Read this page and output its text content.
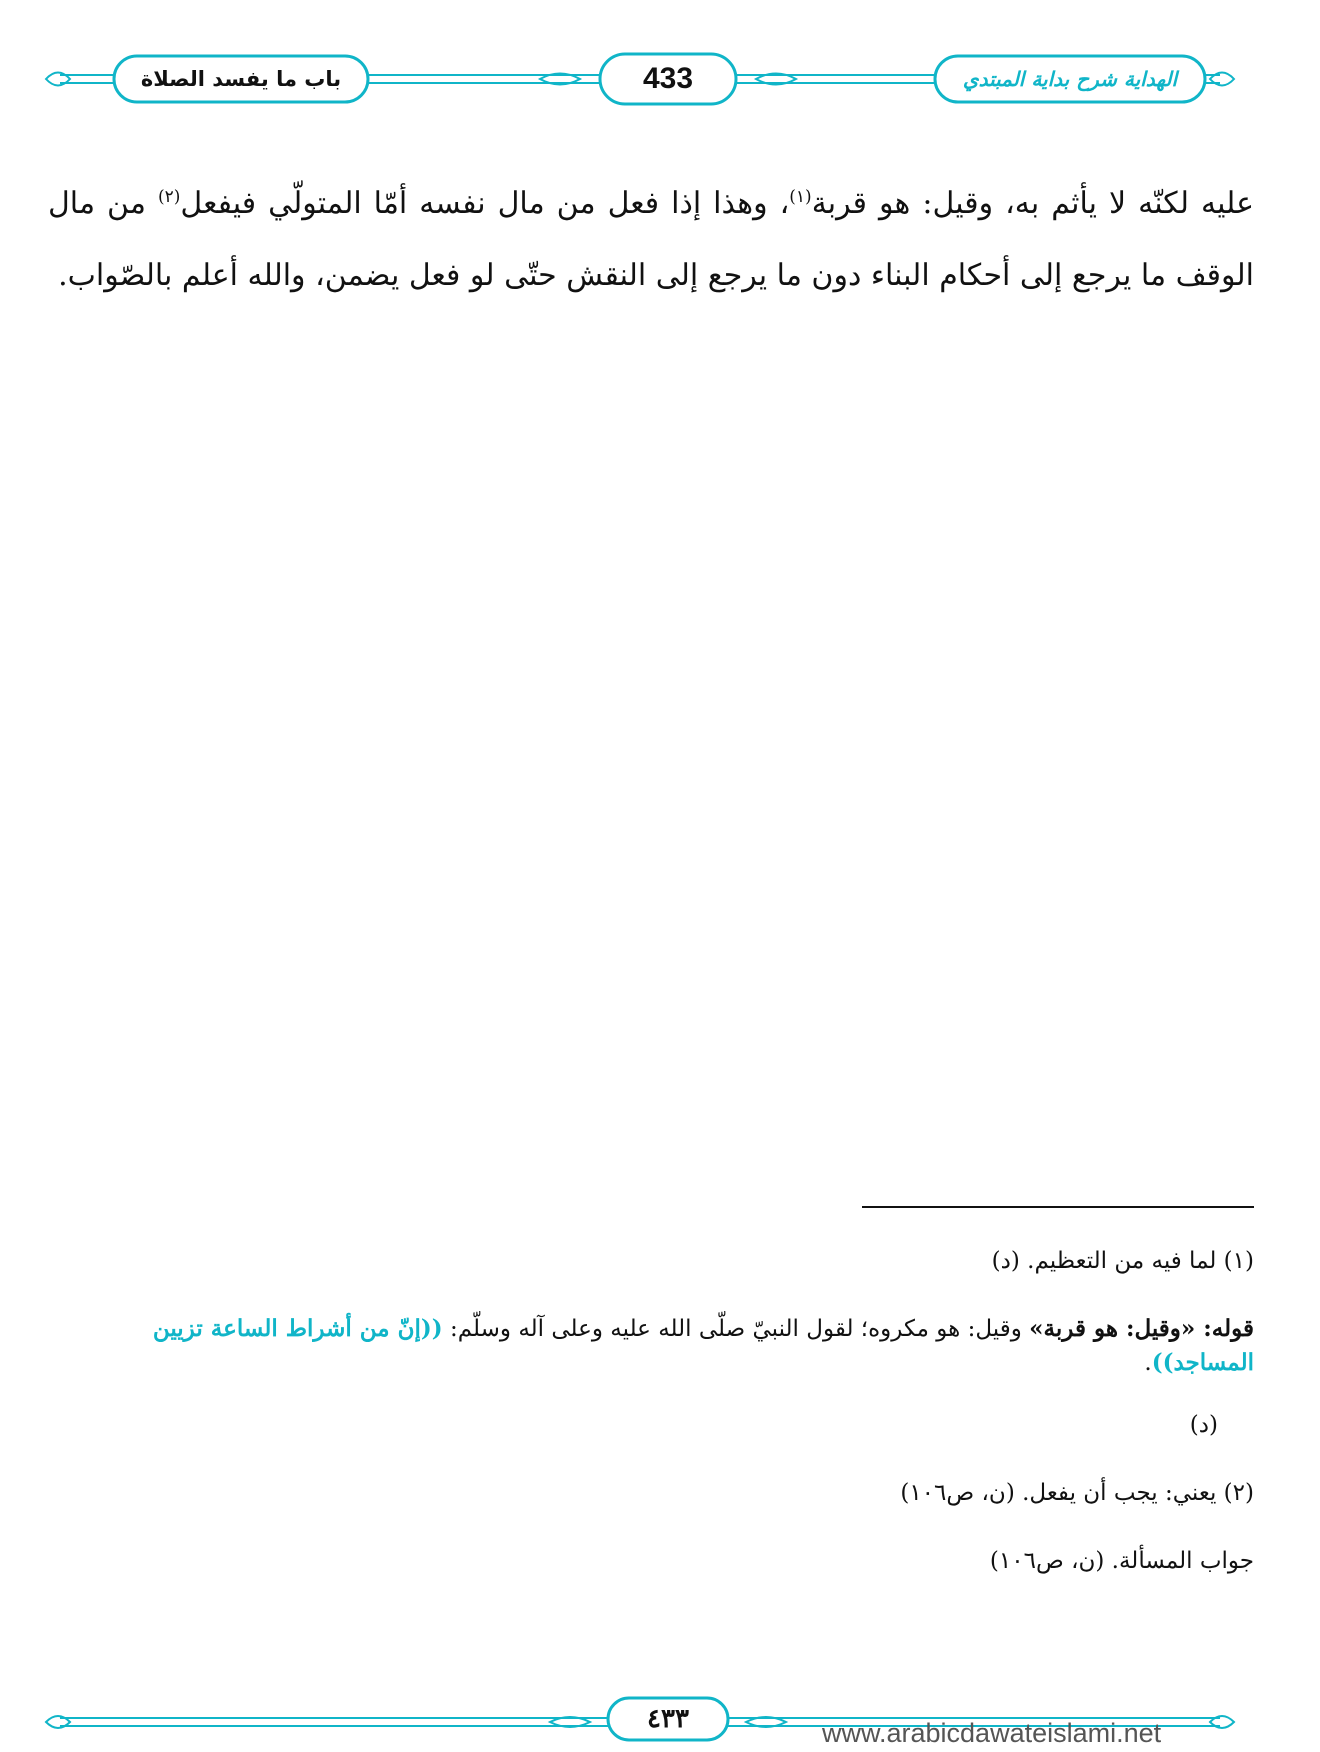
باب ما يفسد الصلاة	433	الهداية شرح بداية المبتدي
عليه لكنّه لا يأثم به، وقيل: هو قربة$^{(١)}$، وهذا إذا فعل من مال نفسه أمّا المتولّي فيفعل$^{(٢)}$ من مال الوقف ما يرجع إلى أحكام البناء دون ما يرجع إلى النقش حتّى لو فعل يضمن، والله أعلم بالصّواب.

(١) لما فيه من التعظيم. (د)

قوله: «وقيل: هو قربة» وقيل: هو مكروه؛ لقول النبيّ صلّى الله عليه وعلى آله وسلّم: ((إنّ من أشراط الساعة تزيين المساجد)).

(د)

(٢) يعني: يجب أن يفعل. (ن، ص١٠٦)

جواب المسألة. (ن، ص١٠٦)

٤٣٣	www.arabicdawateislami.net
